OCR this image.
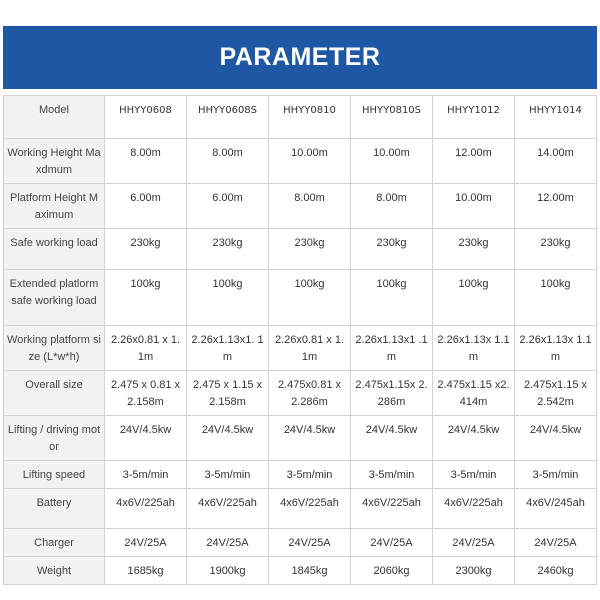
PARAMETER
Model	HHYY0608	HHYY0608S	HHYY0810	HHYY0810S	HHYY1012	HHYY1014
Working Height Maxdmum	8.00m	8.00m	10.00m	10.00m	12.00m	14.00m
Platform Height Maximum	6.00m	6.00m	8.00m	8.00m	10.00m	12.00m
Safe working load	230kg	230kg	230kg	230kg	230kg	230kg
Extended platlorm safe working load	100kg	100kg	100kg	100kg	100kg	100kg
Working platform size (L*w*h)	2.26x0.81 x 1.1m	2.26x1.13x1. 1m	2.26x0.81 x 1.1m	2.26x1.13x1 .1m	2.26x1.13x 1.1m	2.26x1.13x 1.1m
Overall size	2.475 x 0.81 x 2.158m	2.475 x 1.15 x 2.158m	2.475x0.81 x 2.286m	2.475x1.15x 2.286m	2.475x1.15 x2.414m	2.475x1.15 x 2.542m
Lifting / driving motor	24V/4.5kw	24V/4.5kw	24V/4.5kw	24V/4.5kw	24V/4.5kw	24V/4.5kw
Lifting speed	3-5m/min	3-5m/min	3-5m/min	3-5m/min	3-5m/min	3-5m/min
Battery	4x6V/225ah	4x6V/225ah	4x6V/225ah	4x6V/225ah	4x6V/225ah	4x6V/245ah
Charger	24V/25A	24V/25A	24V/25A	24V/25A	24V/25A	24V/25A
Weight	1685kg	1900kg	1845kg	2060kg	2300kg	2460kg
